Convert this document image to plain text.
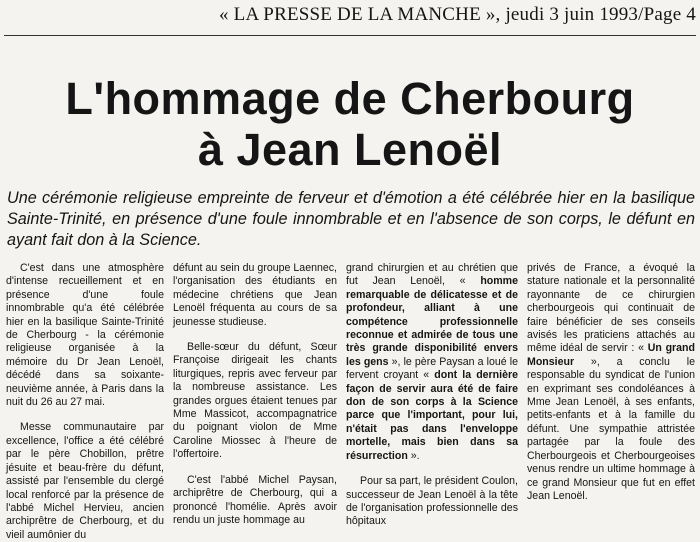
« LA PRESSE DE LA MANCHE », jeudi 3 juin 1993/Page 4
L'hommage de Cherbourg
à Jean Lenoël
Une cérémonie religieuse empreinte de ferveur et d'émotion a été célébrée hier en la basilique Sainte-Trinité, en présence d'une foule innombrable et en l'absence de son corps, le défunt en ayant fait don à la Science.

C'est dans une atmosphère d'intense recueillement et en présence d'une foule innombrable qu'a été célébrée hier en la basilique Sainte-Trinité de Cherbourg - la cérémonie religieuse organisée à la mémoire du Dr Jean Lenoël, décédé dans sa soixante-neuvième année, à Paris dans la nuit du 26 au 27 mai.

Messe communautaire par excellence, l'office a été célébré par le père Chobillon, prêtre jésuite et beau-frère du défunt, assisté par l'ensemble du clergé local renforcé par la présence de l'abbé Michel Hervieu, ancien archiprêtre de Cherbourg, et du vieil aumônier du

défunt au sein du groupe Laennec, l'organisation des étudiants en médecine chrétiens que Jean Lenoël fréquenta au cours de sa jeunesse studieuse.

Belle-sœur du défunt, Sœur Françoise dirigeait les chants liturgiques, repris avec ferveur par la nombreuse assistance. Les grandes orgues étaient tenues par Mme Massicot, accompagnatrice du poignant violon de Mme Caroline Miossec à l'heure de l'offertoire.

C'est l'abbé Michel Paysan, archiprêtre de Cherbourg, qui a prononcé l'homélie. Après avoir rendu un juste hommage au

grand chirurgien et au chrétien que fut Jean Lenoël, « homme remarquable de délicatesse et de profondeur, alliant à une compétence professionnelle reconnue et admirée de tous une très grande disponibilité envers les gens », le père Paysan a loué le fervent croyant « dont la dernière façon de servir aura été de faire don de son corps à la Science parce que l'important, pour lui, n'était pas dans l'enveloppe mortelle, mais bien dans sa résurrection ».

Pour sa part, le président Coulon, successeur de Jean Lenoël à la tête de l'organisation professionnelle des hôpitaux

privés de France, a évoqué la stature nationale et la personnalité rayonnante de ce chirurgien cherbourgeois qui continuait de faire bénéficier de ses conseils avisés les praticiens attachés au même idéal de servir : « Un grand Monsieur », a conclu le responsable du syndicat de l'union en exprimant ses condoléances à Mme Jean Lenoël, à ses enfants, petits-enfants et à la famille du défunt. Une sympathie attristée partagée par la foule des Cherbourgeois et Cherbourgeoises venus rendre un ultime hommage à ce grand Monsieur que fut en effet Jean Lenoël.
